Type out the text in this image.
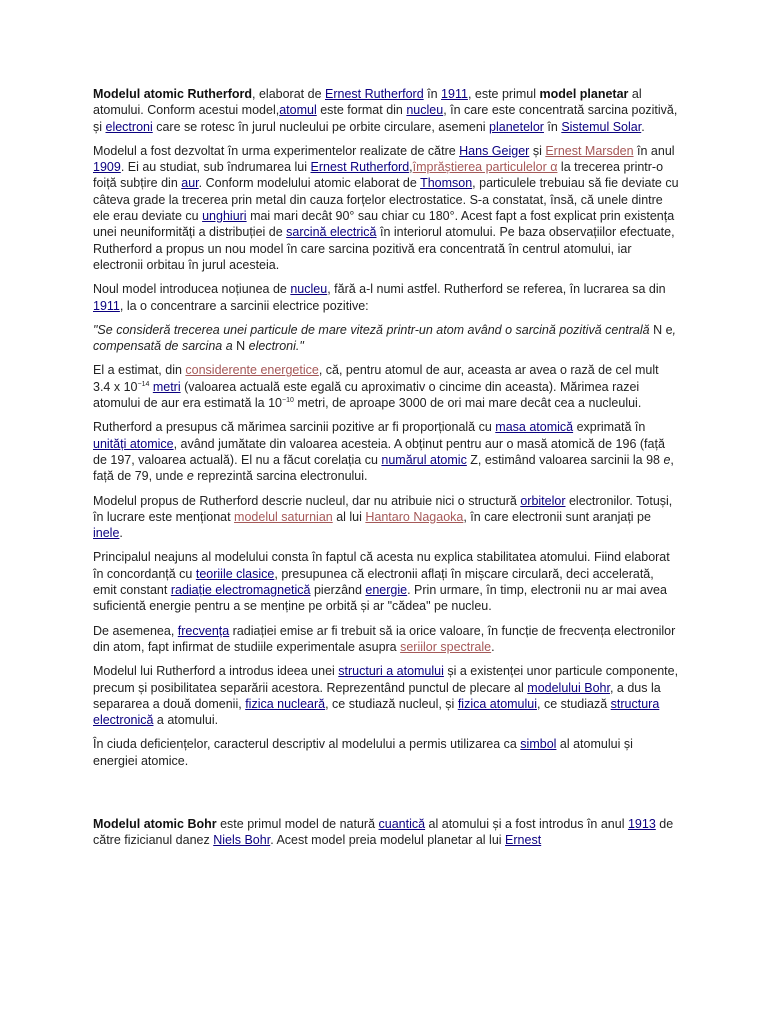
Modelul atomic Rutherford, elaborat de Ernest Rutherford în 1911, este primul model planetar al atomului. Conform acestui model,atomul este format din nucleu, în care este concentrată sarcina pozitivă, și electroni care se rotesc în jurul nucleului pe orbite circulare, asemeni planetelor în Sistemul Solar.

Modelul a fost dezvoltat în urma experimentelor realizate de către Hans Geiger și Ernest Marsden în anul 1909. Ei au studiat, sub îndrumarea lui Ernest Rutherford,împrăștierea particulelor α la trecerea printr-o foiță subțire din aur. Conform modelului atomic elaborat de Thomson, particulele trebuiau să fie deviate cu câteva grade la trecerea prin metal din cauza forțelor electrostatice. S-a constatat, însă, că unele dintre ele erau deviate cu unghiuri mai mari decât 90° sau chiar cu 180°. Acest fapt a fost explicat prin existența unei neuniformități a distribuției de sarcină electrică în interiorul atomului. Pe baza observațiilor efectuate, Rutherford a propus un nou model în care sarcina pozitivă era concentrată în centrul atomului, iar electronii orbitau în jurul acesteia.

Noul model introducea noțiunea de nucleu, fără a-l numi astfel. Rutherford se referea, în lucrarea sa din 1911, la o concentrare a sarcinii electrice pozitive:

"Se consideră trecerea unei particule de mare viteză printr-un atom având o sarcină pozitivă centrală N e, compensată de sarcina a N electroni."

El a estimat, din considerente energetice, că, pentru atomul de aur, aceasta ar avea o rază de cel mult 3.4 x $10^{-14}$ metri (valoarea actuală este egală cu aproximativ o cincime din aceasta). Mărimea razei atomului de aur era estimată la $10^{-10}$ metri, de aproape 3000 de ori mai mare decât cea a nucleului.

Rutherford a presupus că mărimea sarcinii pozitive ar fi proporțională cu masa atomică exprimată în unități atomice, având jumătate din valoarea acesteia. A obținut pentru aur o masă atomică de 196 (față de 197, valoarea actuală). El nu a făcut corelația cu numărul atomic Z, estimând valoarea sarcinii la 98 e, față de 79, unde e reprezintă sarcina electronului.

Modelul propus de Rutherford descrie nucleul, dar nu atribuie nici o structură orbitelor electronilor. Totuși, în lucrare este menționat modelul saturnian al lui Hantaro Nagaoka, în care electronii sunt aranjați pe inele.

Principalul neajuns al modelului consta în faptul că acesta nu explica stabilitatea atomului. Fiind elaborat în concordanță cu teoriile clasice, presupunea că electronii aflați în mișcare circulară, deci accelerată, emit constant radiație electromagnetică pierzând energie. Prin urmare, în timp, electronii nu ar mai avea suficientă energie pentru a se menține pe orbită și ar "cădea" pe nucleu.

De asemenea, frecvența radiației emise ar fi trebuit să ia orice valoare, în funcție de frecvența electronilor din atom, fapt infirmat de studiile experimentale asupra seriilor spectrale.

Modelul lui Rutherford a introdus ideea unei structuri a atomului și a existenței unor particule componente, precum și posibilitatea separării acestora. Reprezentând punctul de plecare al modelului Bohr, a dus la separarea a două domenii, fizica nucleară, ce studiază nucleul, și fizica atomului, ce studiază structura electronică a atomului.

În ciuda deficiențelor, caracterul descriptiv al modelului a permis utilizarea ca simbol al atomului și energiei atomice.

Modelul atomic Bohr este primul model de natură cuantică al atomului și a fost introdus în anul 1913 de către fizicianul danez Niels Bohr. Acest model preia modelul planetar al lui Ernest
